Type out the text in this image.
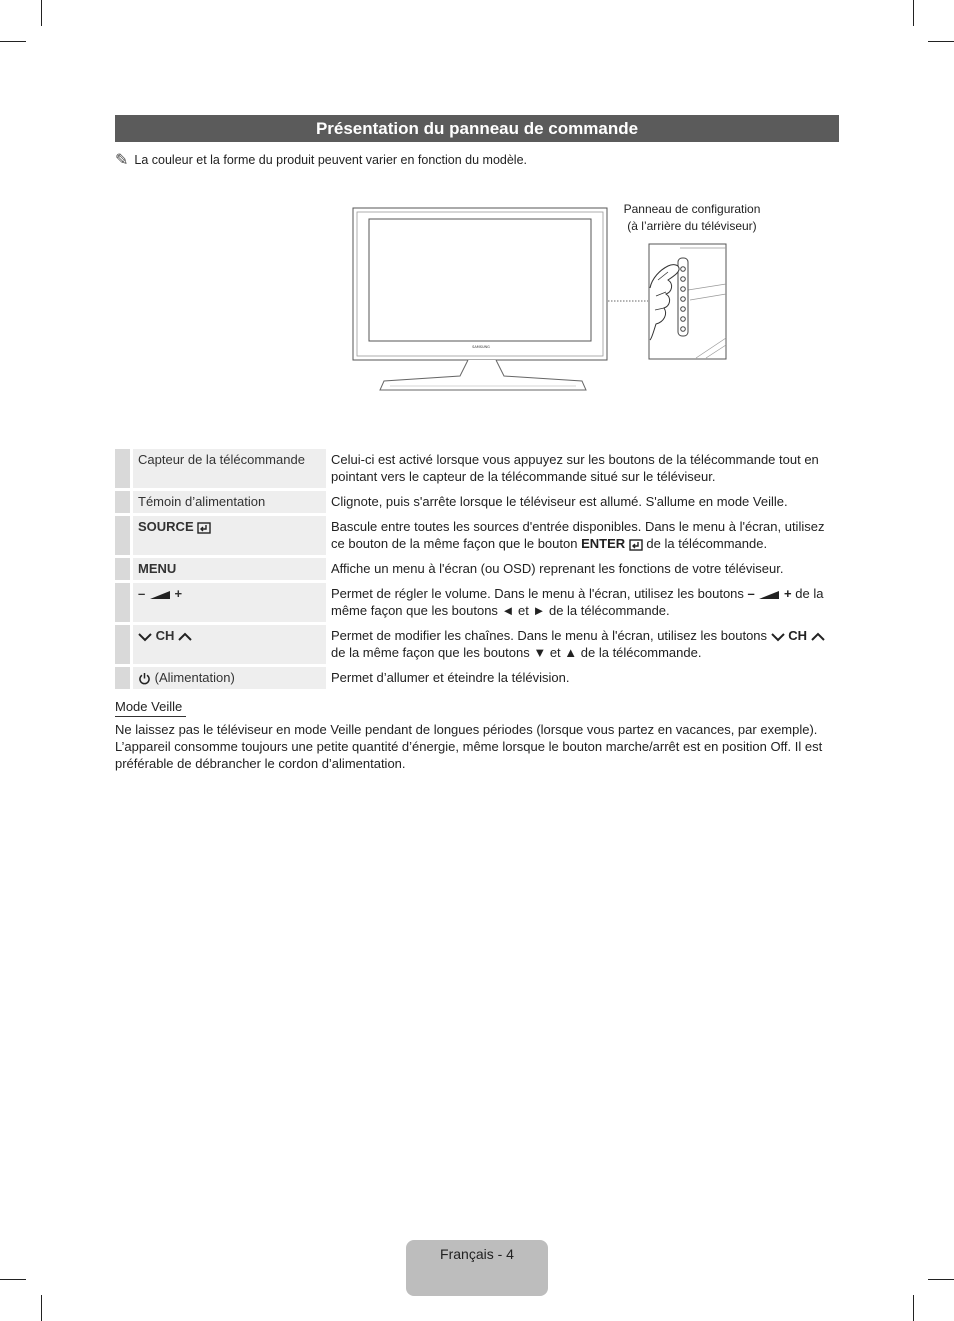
Présentation du panneau de commande
✎ La couleur et la forme du produit peuvent varier en fonction du modèle.
SAMSUNG
Panneau de configuration
(à l’arrière du téléviseur)
	Capteur de la télécommande	Celui-ci est activé lorsque vous appuyez sur les boutons de la télécommande tout en pointant vers le capteur de la télécommande situé sur le téléviseur.
	Témoin d’alimentation	Clignote, puis s'arrête lorsque le téléviseur est allumé. S'allume en mode Veille.
	SOURCE	Bascule entre toutes les sources d'entrée disponibles. Dans le menu à l'écran, utilisez ce bouton de la même façon que le bouton ENTER de la télécommande.
	MENU	Affiche un menu à l'écran (ou OSD) reprenant les fonctions de votre téléviseur.
	– +	Permet de régler le volume. Dans le menu à l'écran, utilisez les boutons – + de la même façon que les boutons ◄ et ► de la télécommande.
	CH	Permet de modifier les chaînes. Dans le menu à l'écran, utilisez les boutons CH  de la même façon que les boutons ▼ et ▲ de la télécommande.
	(Alimentation)	Permet d’allumer et éteindre la télévision.
Mode Veille
Ne laissez pas le téléviseur en mode Veille pendant de longues périodes (lorsque vous partez en vacances, par exemple). L’appareil consomme toujours une petite quantité d’énergie, même lorsque le bouton marche/arrêt est en position Off. Il est préférable de débrancher le cordon d’alimentation.
Français - 4
